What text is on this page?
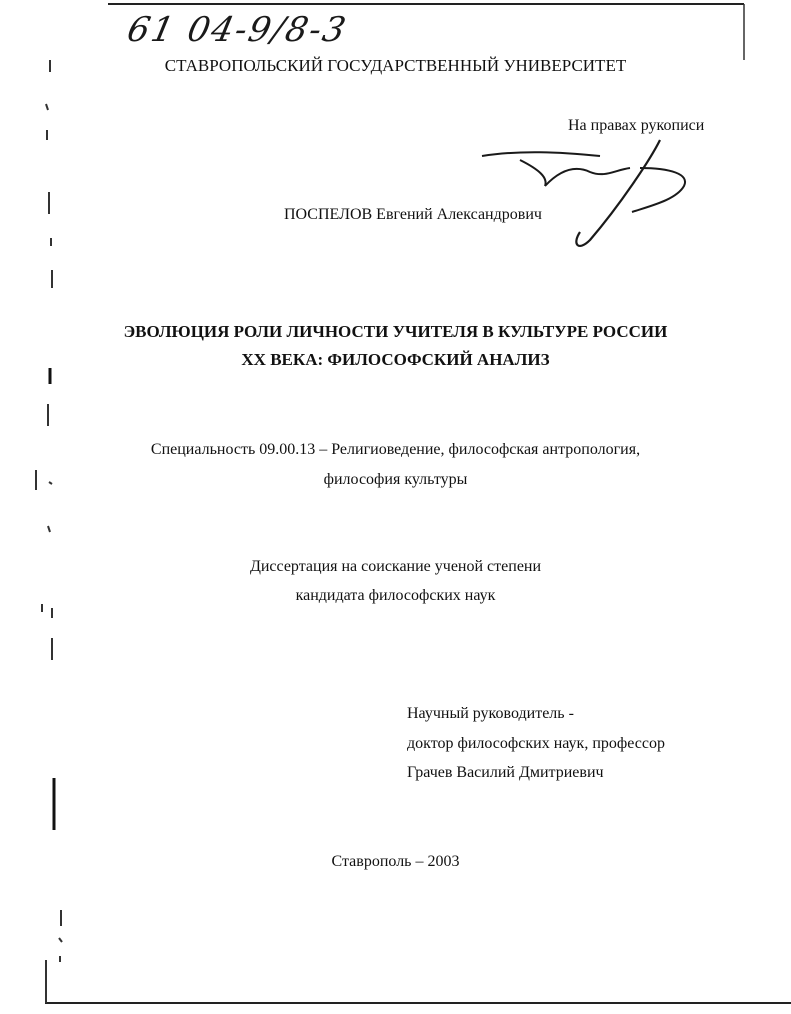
61 04-9/8-3
СТАВРОПОЛЬСКИЙ ГОСУДАРСТВЕННЫЙ УНИВЕРСИТЕТ
На правах рукописи
ПОСПЕЛОВ Евгений Александрович
ЭВОЛЮЦИЯ РОЛИ ЛИЧНОСТИ УЧИТЕЛЯ В КУЛЬТУРЕ РОССИИ
XX ВЕКА: ФИЛОСОФСКИЙ АНАЛИЗ
Специальность 09.00.13 – Религиоведение, философская антропология,
философия культуры
Диссертация на соискание ученой степени
кандидата философских наук
Научный руководитель -
доктор философских наук, профессор
Грачев Василий Дмитриевич
Ставрополь – 2003
